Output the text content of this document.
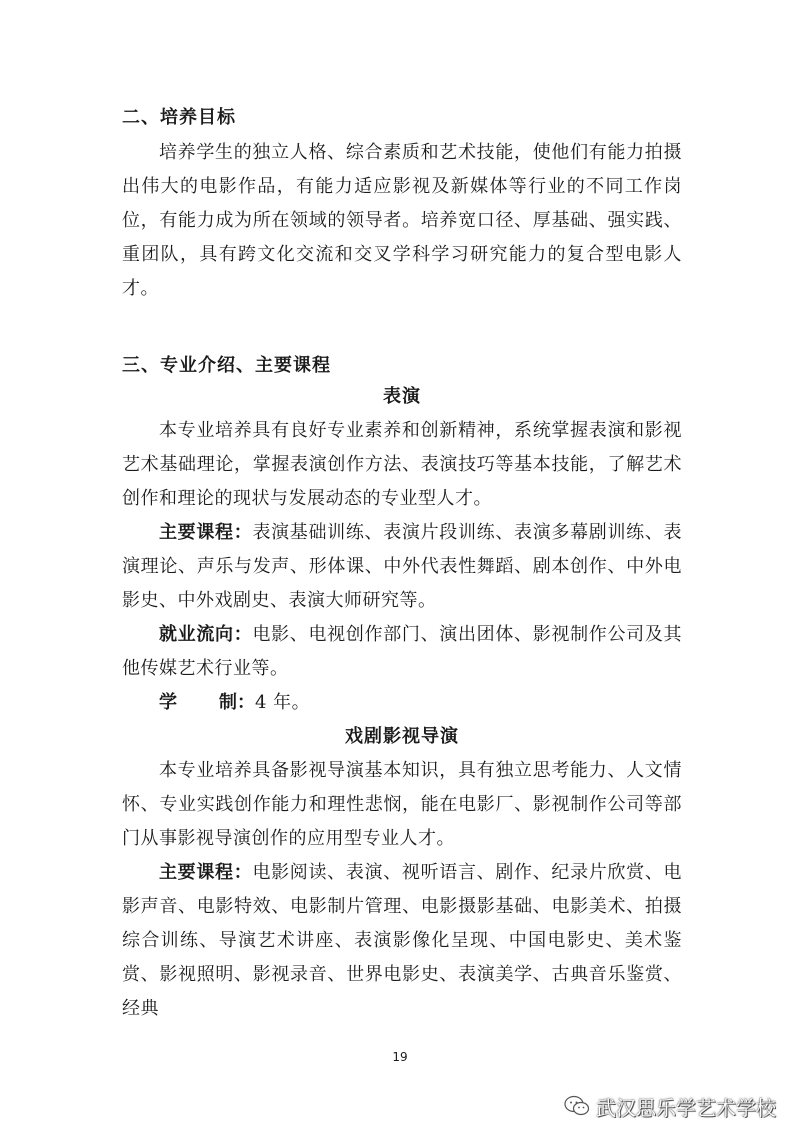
二、培养目标

培养学生的独立人格、综合素质和艺术技能，使他们有能力拍摄出伟大的电影作品，有能力适应影视及新媒体等行业的不同工作岗位，有能力成为所在领域的领导者。培养宽口径、厚基础、强实践、重团队，具有跨文化交流和交叉学科学习研究能力的复合型电影人才。

三、专业介绍、主要课程

表演

本专业培养具有良好专业素养和创新精神，系统掌握表演和影视艺术基础理论，掌握表演创作方法、表演技巧等基本技能，了解艺术创作和理论的现状与发展动态的专业型人才。

主要课程：表演基础训练、表演片段训练、表演多幕剧训练、表演理论、声乐与发声、形体课、中外代表性舞蹈、剧本创作、中外电影史、中外戏剧史、表演大师研究等。

就业流向：电影、电视创作部门、演出团体、影视制作公司及其他传媒艺术行业等。

学 制：4 年。

戏剧影视导演

本专业培养具备影视导演基本知识，具有独立思考能力、人文情怀、专业实践创作能力和理性悲悯，能在电影厂、影视制作公司等部门从事影视导演创作的应用型专业人才。

主要课程：电影阅读、表演、视听语言、剧作、纪录片欣赏、电影声音、电影特效、电影制片管理、电影摄影基础、电影美术、拍摄综合训练、导演艺术讲座、表演影像化呈现、中国电影史、美术鉴赏、影视照明、影视录音、世界电影史、表演美学、古典音乐鉴赏、经典

19
武汉思乐学艺术学校
